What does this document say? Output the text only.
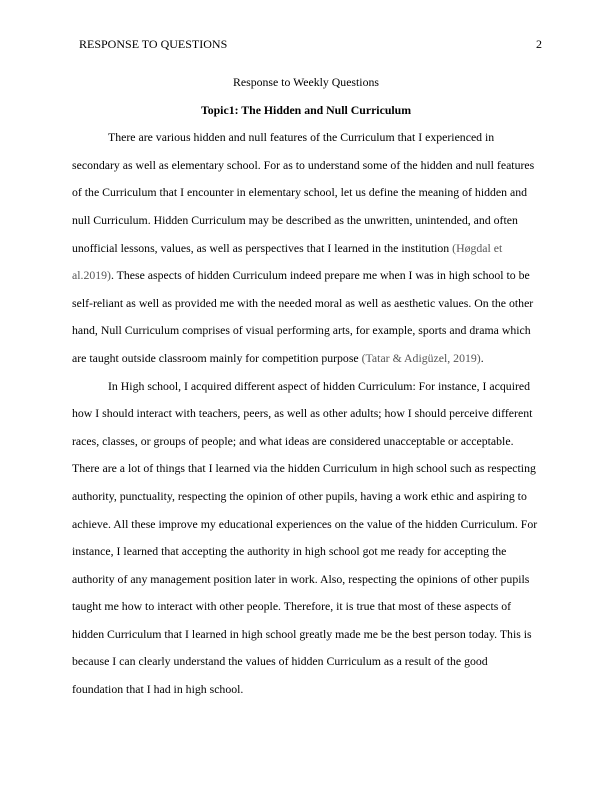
RESPONSE TO QUESTIONS	2
Response to Weekly Questions
Topic1: The Hidden and Null Curriculum

There are various hidden and null features of the Curriculum that I experienced in secondary as well as elementary school. For as to understand some of the hidden and null features of the Curriculum that I encounter in elementary school, let us define the meaning of hidden and null Curriculum. Hidden Curriculum may be described as the unwritten, unintended, and often unofficial lessons, values, as well as perspectives that I learned in the institution (Høgdal et al.2019). These aspects of hidden Curriculum indeed prepare me when I was in high school to be self-reliant as well as provided me with the needed moral as well as aesthetic values. On the other hand, Null Curriculum comprises of visual performing arts, for example, sports and drama which are taught outside classroom mainly for competition purpose (Tatar & Adigüzel, 2019).

In High school, I acquired different aspect of hidden Curriculum: For instance, I acquired how I should interact with teachers, peers, as well as other adults; how I should perceive different races, classes, or groups of people; and what ideas are considered unacceptable or acceptable. There are a lot of things that I learned via the hidden Curriculum in high school such as respecting authority, punctuality, respecting the opinion of other pupils, having a work ethic and aspiring to achieve. All these improve my educational experiences on the value of the hidden Curriculum. For instance, I learned that accepting the authority in high school got me ready for accepting the authority of any management position later in work. Also, respecting the opinions of other pupils taught me how to interact with other people. Therefore, it is true that most of these aspects of hidden Curriculum that I learned in high school greatly made me be the best person today. This is because I can clearly understand the values of hidden Curriculum as a result of the good foundation that I had in high school.
